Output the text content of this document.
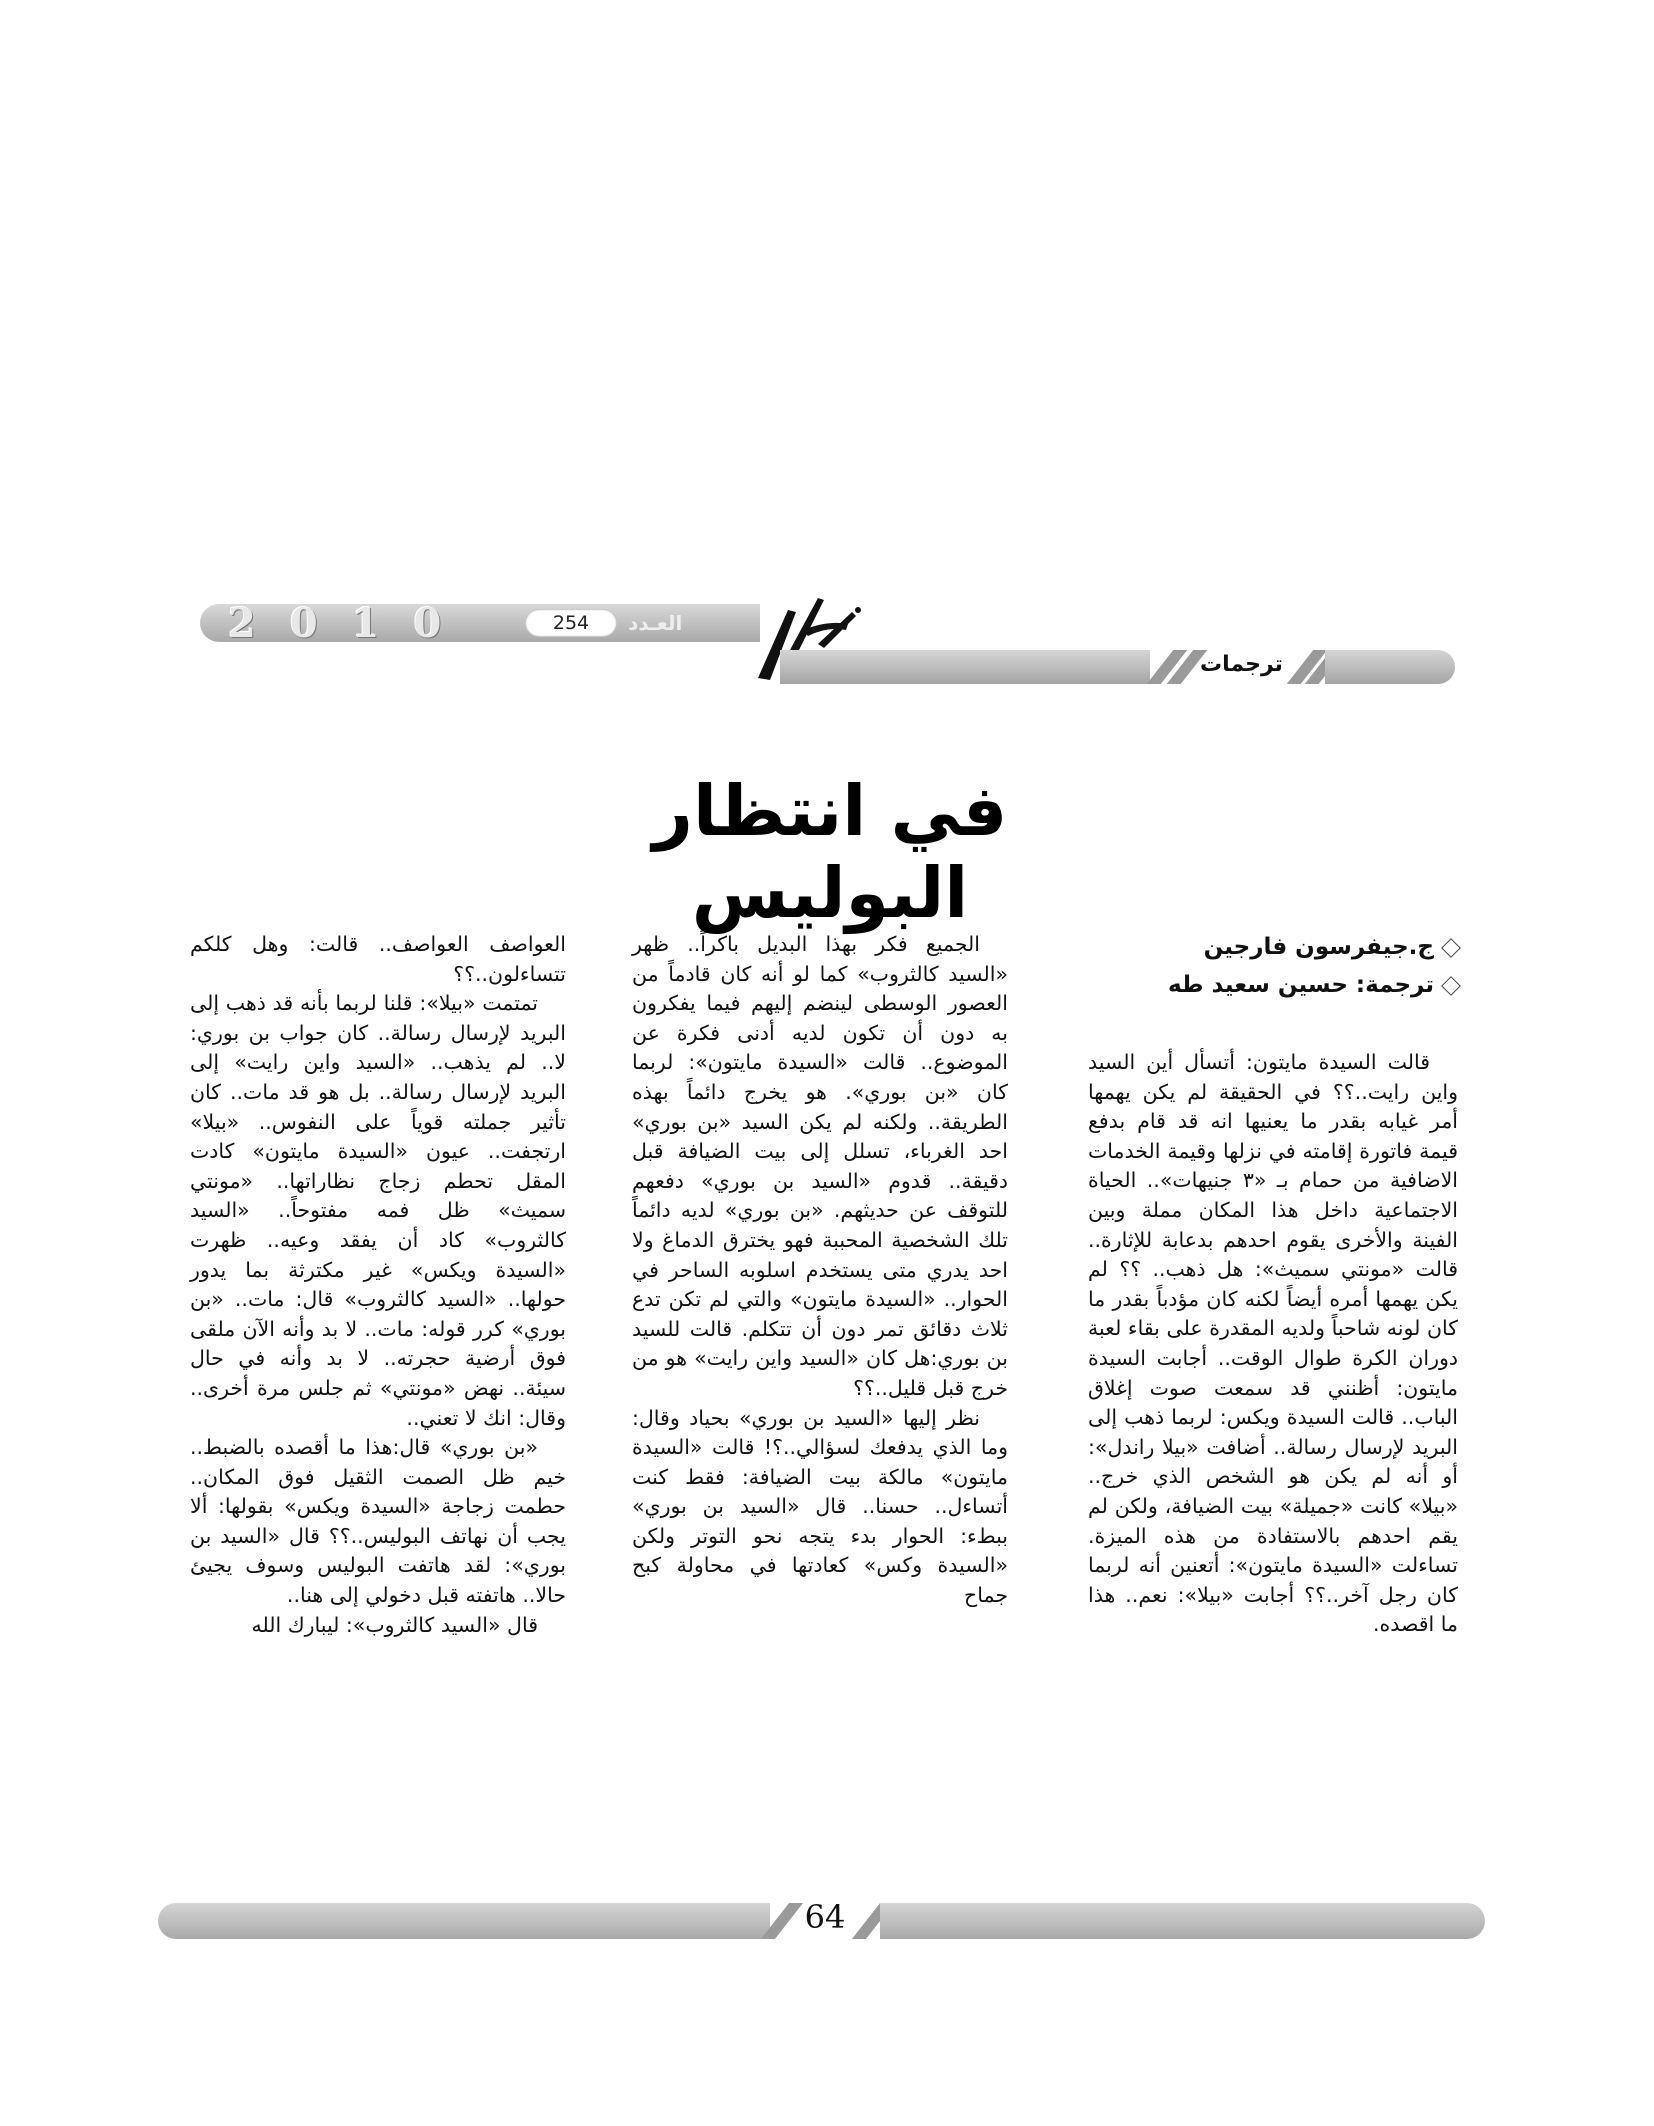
2010	254	العـدد
ترجمات
في انتظار البوليس
ج.جيفرسون فارجين
ترجمة: حسين سعيد طه

قالت السيدة مايتون: أتسأل أين السيد واين رايت..؟؟ في الحقيقة لم يكن يهمها أمر غيابه بقدر ما يعنيها انه قد قام بدفع قيمة فاتورة إقامته في نزلها وقيمة الخدمات الاضافية من حمام بـ «٣ جنيهات».. الحياة الاجتماعية داخل هذا المكان مملة وبين الفينة والأخرى يقوم احدهم بدعابة للإثارة.. قالت «مونتي سميث»: هل ذهب.. ؟؟ لم يكن يهمها أمره أيضاً لكنه كان مؤدباً بقدر ما كان لونه شاحباً ولديه المقدرة على بقاء لعبة دوران الكرة طوال الوقت.. أجابت السيدة مايتون: أظنني قد سمعت صوت إغلاق الباب.. قالت السيدة ويكس: لربما ذهب إلى البريد لإرسال رسالة.. أضافت «بيلا راندل»: أو أنه لم يكن هو الشخص الذي خرج.. «بيلا» كانت «جميلة» بيت الضيافة، ولكن لم يقم احدهم بالاستفادة من هذه الميزة. تساءلت «السيدة مايتون»: أتعنين أنه لربما كان رجل آخر..؟؟ أجابت «بيلا»: نعم.. هذا ما اقصده.

الجميع فكر بهذا البديل باكراً.. ظهر «السيد كالثروب» كما لو أنه كان قادماً من العصور الوسطى لينضم إليهم فيما يفكرون به دون أن تكون لديه أدنى فكرة عن الموضوع.. قالت «السيدة مايتون»: لربما كان «بن بوري». هو يخرج دائماً بهذه الطريقة.. ولكنه لم يكن السيد «بن بوري» احد الغرباء، تسلل إلى بيت الضيافة قبل دقيقة.. قدوم «السيد بن بوري» دفعهم للتوقف عن حديثهم. «بن بوري» لديه دائماً تلك الشخصية المحببة فهو يخترق الدماغ ولا احد يدري متى يستخدم اسلوبه الساحر في الحوار.. «السيدة مايتون» والتي لم تكن تدع ثلاث دقائق تمر دون أن تتكلم. قالت للسيد بن بوري:هل كان «السيد واين رايت» هو من خرج قبل قليل..؟؟

نظر إليها «السيد بن بوري» بحياد وقال: وما الذي يدفعك لسؤالي..؟! قالت «السيدة مايتون» مالكة بيت الضيافة: فقط كنت أتساءل.. حسنا.. قال «السيد بن بوري» ببطء: الحوار بدء يتجه نحو التوتر ولكن «السيدة وكس» كعادتها في محاولة كبح جماح

العواصف العواصف.. قالت: وهل كلكم تتساءلون..؟؟

تمتمت «بيلا»: قلنا لربما بأنه قد ذهب إلى البريد لإرسال رسالة.. كان جواب بن بوري: لا.. لم يذهب.. «السيد واين رايت» إلى البريد لإرسال رسالة.. بل هو قد مات.. كان تأثير جملته قوياً على النفوس.. «بيلا» ارتجفت.. عيون «السيدة مايتون» كادت المقل تحطم زجاج نظاراتها.. «مونتي سميث» ظل فمه مفتوحاً.. «السيد كالثروب» كاد أن يفقد وعيه.. ظهرت «السيدة ويكس» غير مكترثة بما يدور حولها.. «السيد كالثروب» قال: مات.. «بن بوري» كرر قوله: مات.. لا بد وأنه الآن ملقى فوق أرضية حجرته.. لا بد وأنه في حال سيئة.. نهض «مونتي» ثم جلس مرة أخرى.. وقال: انك لا تعني..

«بن بوري» قال:هذا ما أقصده بالضبط.. خيم ظل الصمت الثقيل فوق المكان.. حطمت زجاجة «السيدة ويكس» بقولها: ألا يجب أن نهاتف البوليس..؟؟ قال «السيد بن بوري»: لقد هاتفت البوليس وسوف يجيئ حالا.. هاتفته قبل دخولي إلى هنا..

قال «السيد كالثروب»: ليبارك الله

64
